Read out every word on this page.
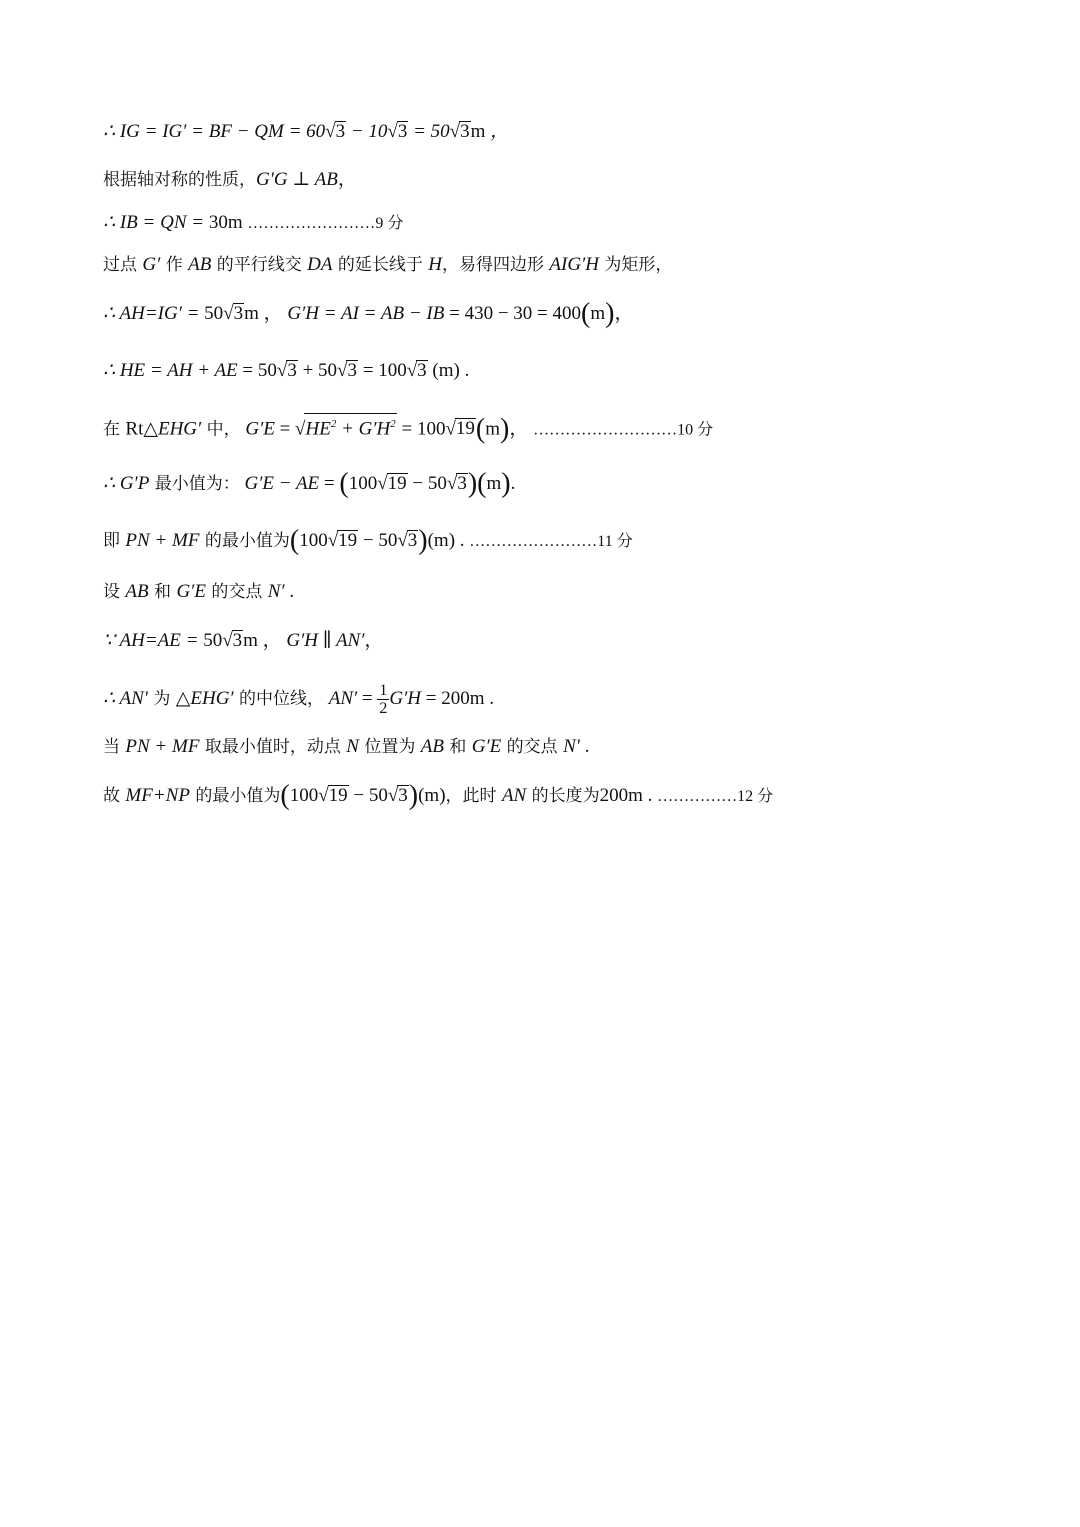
∴ IG = IG′ = BF − QM = 60√3 − 10√3 = 50√3m ，
根据轴对称的性质，G′G ⊥ AB，
∴ IB = QN = 30m ……………………9 分
过点 G′ 作 AB 的平行线交 DA 的延长线于 H，易得四边形 AIG′H 为矩形，
∴ AH=IG′ = 50√3m ， G′H = AI = AB − IB = 430 − 30 = 400(m)，
∴ HE = AH + AE = 50√3 + 50√3 = 100√3 (m) .
在 Rt△EHG′ 中， $G'E = √HE^2 + G'H^2 = 100√19(m)$， ………………………10 分
∴ G′P 最小值为： G′E − AE = (100√19 − 50√3)(m).
即 PN + MF 的最小值为(100√19 − 50√3)(m) . ……………………11 分
设 AB 和 G′E 的交点 N′ .
∵ AH=AE = 50√3m ， G′H ∥ AN′，
∴ AN′ 为 △EHG′ 的中位线， $AN' = \frac{1}{2} G'H = 200m$ .
当 PN + MF 取最小值时，动点 N 位置为 AB 和 G′E 的交点 N′ .
故 MF+NP 的最小值为(100√19 − 50√3)(m)，此时 AN 的长度为200m . ……………12 分
